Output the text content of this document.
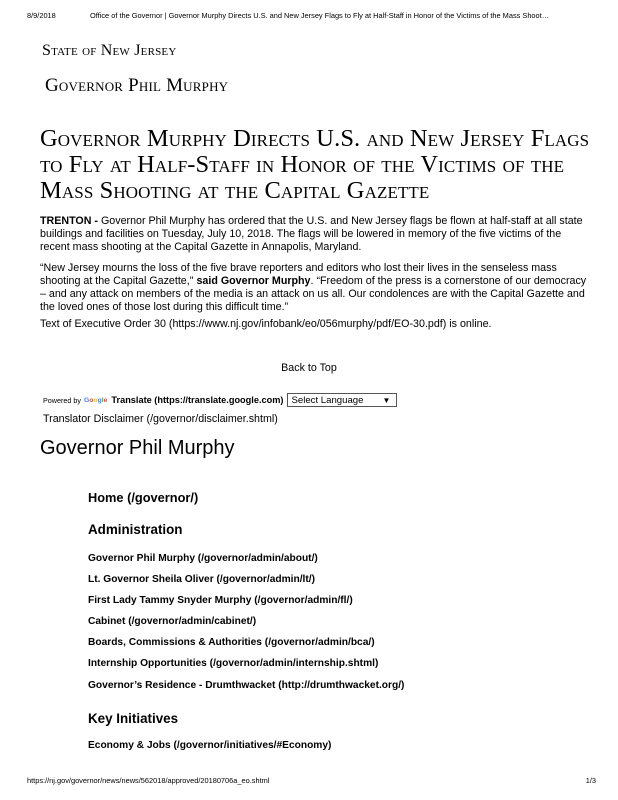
8/9/2018	Office of the Governor | Governor Murphy Directs U.S. and New Jersey Flags to Fly at Half-Staff in Honor of the Victims of the Mass Shoot…
State of New Jersey
Governor Phil Murphy
Governor Murphy Directs U.S. and New Jersey Flags to Fly at Half-Staff in Honor of the Victims of the Mass Shooting at the Capital Gazette
TRENTON - Governor Phil Murphy has ordered that the U.S. and New Jersey flags be flown at half-staff at all state buildings and facilities on Tuesday, July 10, 2018. The flags will be lowered in memory of the five victims of the recent mass shooting at the Capital Gazette in Annapolis, Maryland.
“New Jersey mourns the loss of the five brave reporters and editors who lost their lives in the senseless mass shooting at the Capital Gazette," said Governor Murphy. “Freedom of the press is a cornerstone of our democracy – and any attack on members of the media is an attack on us all. Our condolences are with the Capital Gazette and the loved ones of those lost during this difficult time.”
Text of Executive Order 30 (https://www.nj.gov/infobank/eo/056murphy/pdf/EO-30.pdf) is online.
Back to Top
Powered by Google Translate (https://translate.google.com) Select Language ▼
Translator Disclaimer (/governor/disclaimer.shtml)
Governor Phil Murphy
Home (/governor/)
Administration
Governor Phil Murphy (/governor/admin/about/)
Lt. Governor Sheila Oliver (/governor/admin/lt/)
First Lady Tammy Snyder Murphy (/governor/admin/fl/)
Cabinet (/governor/admin/cabinet/)
Boards, Commissions & Authorities (/governor/admin/bca/)
Internship Opportunities (/governor/admin/internship.shtml)
Governor’s Residence - Drumthwacket (http://drumthwacket.org/)
Key Initiatives
Economy & Jobs (/governor/initiatives/#Economy)
https://nj.gov/governor/news/news/562018/approved/20180706a_eo.shtml	1/3
